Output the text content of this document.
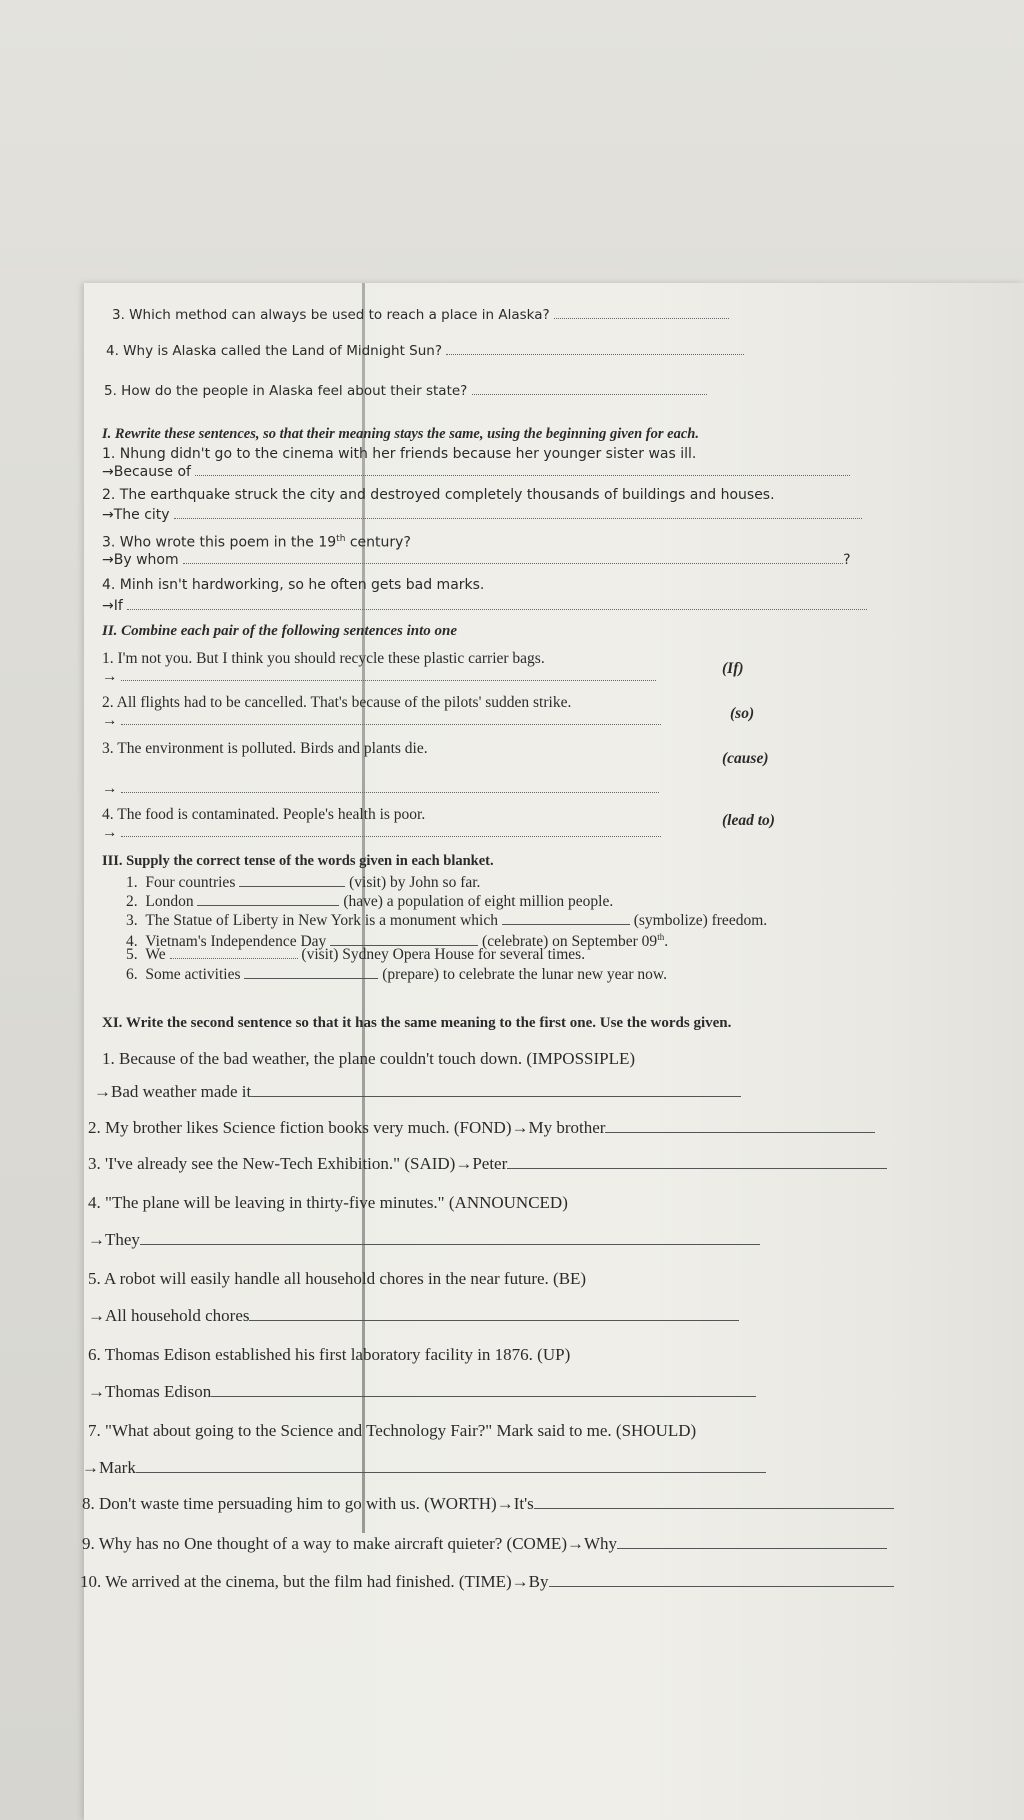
3. Which method can always be used to reach a place in Alaska?
4. Why is Alaska called the Land of Midnight Sun?
5. How do the people in Alaska feel about their state?
I. Rewrite these sentences, so that their meaning stays the same, using the beginning given for each.
1. Nhung didn't go to the cinema with her friends because her younger sister was ill.
→Because of
2. The earthquake struck the city and destroyed completely thousands of buildings and houses.
→The city
3. Who wrote this poem in the 19th century?
→By whom	?
4. Minh isn't hardworking, so he often gets bad marks.
→If
II. Combine each pair of the following sentences into one
1. I'm not you. But I think you should recycle these plastic carrier bags.
(If)
→
2. All flights had to be cancelled. That's because of the pilots' sudden strike.
(so)
→
3. The environment is polluted. Birds and plants die.
(cause)
→
4. The food is contaminated. People's health is poor.	(lead to)
→
III. Supply the correct tense of the words given in each blanket.
1. Four countries	(visit) by John so far.
2. London	(have) a population of eight million people.
3. The Statue of Liberty in New York is a monument which	(symbolize) freedom.
4. Vietnam's Independence Day	(celebrate) on September 09th.
5. We	(visit) Sydney Opera House for several times.
6. Some activities	(prepare) to celebrate the lunar new year now.
XI. Write the second sentence so that it has the same meaning to the first one. Use the words given.
1. Because of the bad weather, the plane couldn't touch down. (IMPOSSIPLE)
→Bad weather made it
2. My brother likes Science fiction books very much. (FOND)→My brother
3. 'I've already see the New-Tech Exhibition." (SAID)→Peter
4. "The plane will be leaving in thirty-five minutes." (ANNOUNCED)
→They
5. A robot will easily handle all household chores in the near future. (BE)
→All household chores
6. Thomas Edison established his first laboratory facility in 1876. (UP)
→Thomas Edison
7. "What about going to the Science and Technology Fair?" Mark said to me. (SHOULD)
→Mark
8. Don't waste time persuading him to go with us. (WORTH)→It's
9. Why has no One thought of a way to make aircraft quieter? (COME)→Why
10. We arrived at the cinema, but the film had finished. (TIME)→By
